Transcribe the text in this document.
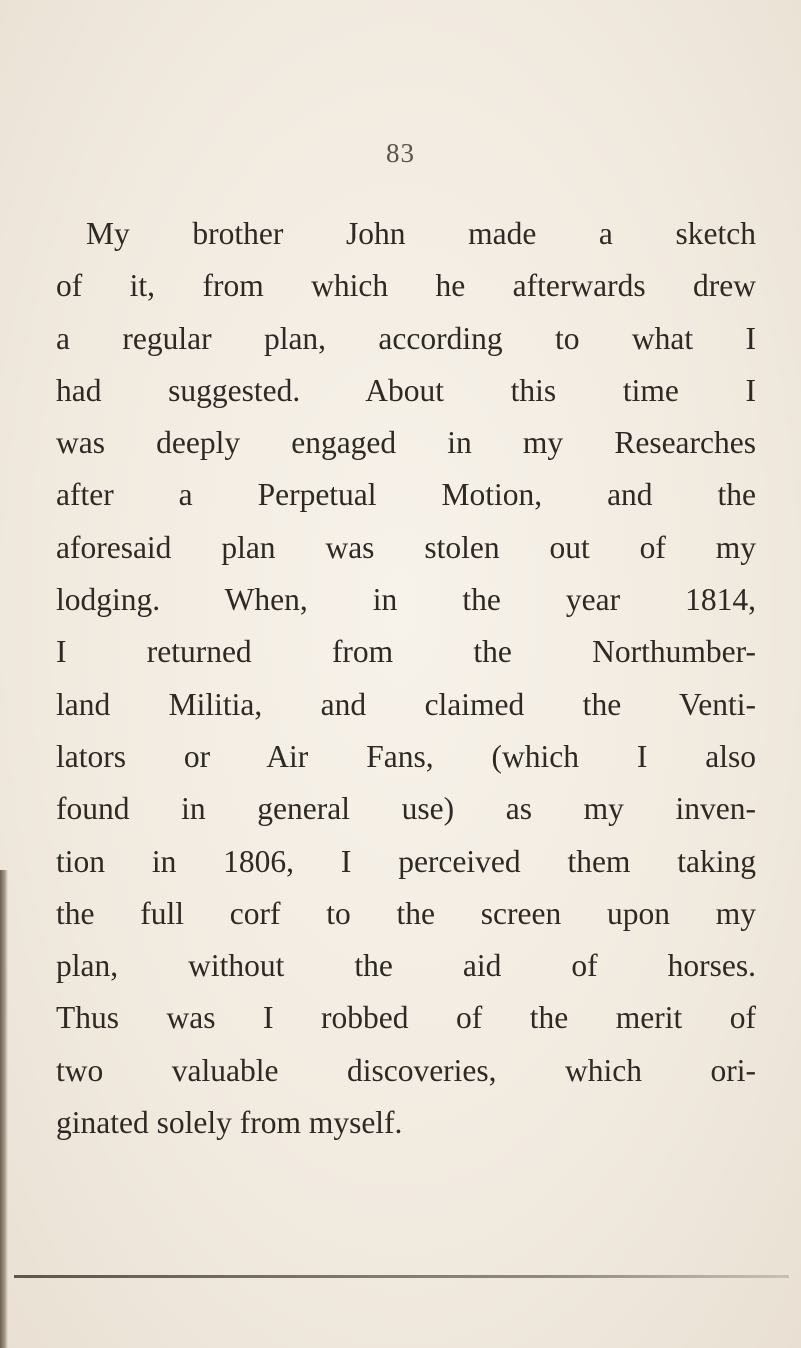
83
My brother John made a sketch
of it, from which he afterwards drew
a regular plan, according to what I
had suggested. About this time I
was deeply engaged in my Researches
after a Perpetual Motion, and the
aforesaid plan was stolen out of my
lodging. When, in the year 1814,
I returned from the Northumber-
land Militia, and claimed the Venti-
lators or Air Fans, (which I also
found in general use) as my inven-
tion in 1806, I perceived them taking
the full corf to the screen upon my
plan, without the aid of horses.
Thus was I robbed of the merit of
two valuable discoveries, which ori-
ginated solely from myself.
